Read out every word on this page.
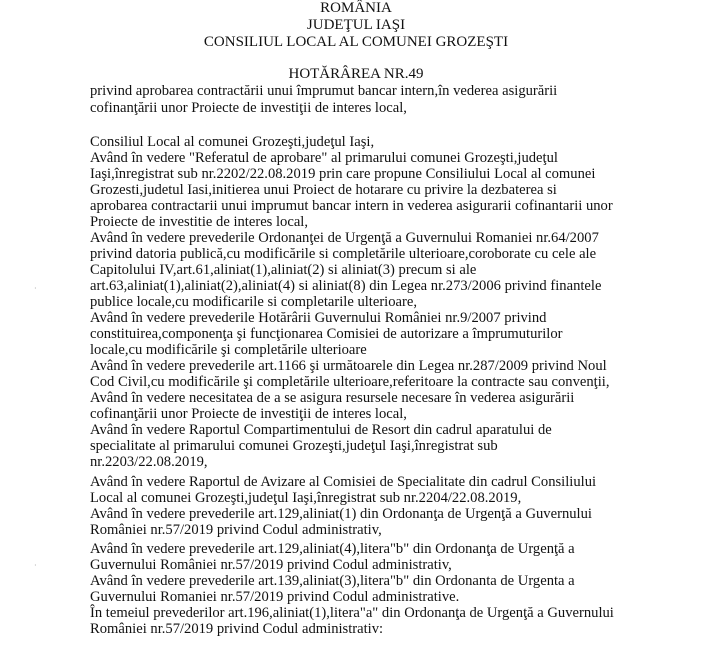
ROMÂNIA
JUDEŢUL IAŞI
CONSILIUL LOCAL AL COMUNEI GROZEŞTI
HOTĂRÂREA NR.49
privind aprobarea contractării unui împrumut bancar intern,în vederea asigurării
cofinanţării unor Proiecte de investiţii de interes local,
Consiliul Local al comunei Grozeşti,judeţul Iaşi,
Având în vedere "Referatul de aprobare" al primarului comunei Grozeşti,judeţul
Iaşi,înregistrat sub nr.2202/22.08.2019 prin care propune Consiliului Local al comunei
Grozesti,judetul Iasi,initierea unui Proiect de hotarare cu privire la dezbaterea si
aprobarea contractarii unui imprumut bancar intern in vederea asigurarii cofinantarii unor
Proiecte de investitie de interes local,
Având în vedere prevederile Ordonanţei de Urgenţă a Guvernului Romaniei nr.64/2007
privind datoria publică,cu modificările si completările ulterioare,coroborate cu cele ale
Capitolului IV,art.61,aliniat(1),aliniat(2) si aliniat(3) precum si ale
art.63,aliniat(1),aliniat(2),aliniat(4) si aliniat(8) din Legea nr.273/2006 privind finantele
publice locale,cu modificarile si completarile ulterioare,
Având în vedere prevederile Hotărârii Guvernului României nr.9/2007 privind
constituirea,componenţa şi funcţionarea Comisiei de autorizare a împrumuturilor
locale,cu modificările şi completările ulterioare
Având în vedere prevederile art.1166 şi următoarele din Legea nr.287/2009 privind Noul
Cod Civil,cu modificările şi completările ulterioare,referitoare la contracte sau convenţii,
Având în vedere necesitatea de a se asigura resursele necesare în vederea asigurării
cofinanţării unor Proiecte de investiţii de interes local,
Având în vedere Raportul Compartimentului de Resort din cadrul aparatului de
specialitate al primarului comunei Grozeşti,judeţul Iaşi,înregistrat sub
nr.2203/22.08.2019,
Având în vedere Raportul de Avizare al Comisiei de Specialitate din cadrul Consiliului
Local al comunei Grozeşti,judeţul Iaşi,înregistrat sub nr.2204/22.08.2019,
Având în vedere prevederile art.129,aliniat(1) din Ordonanţa de Urgenţă a Guvernului
României nr.57/2019 privind Codul administrativ,
Având în vedere prevederile art.129,aliniat(4),litera"b" din Ordonanţa de Urgenţă a
Guvernului României nr.57/2019 privind Codul administrativ,
Având în vedere prevederile art.139,aliniat(3),litera"b" din Ordonanta de Urgenta a
Guvernului Romaniei nr.57/2019 privind Codul administrative.
În temeiul prevederilor art.196,aliniat(1),litera"a" din Ordonanţa de Urgenţă a Guvernului
României nr.57/2019 privind Codul administrativ:
·
·
